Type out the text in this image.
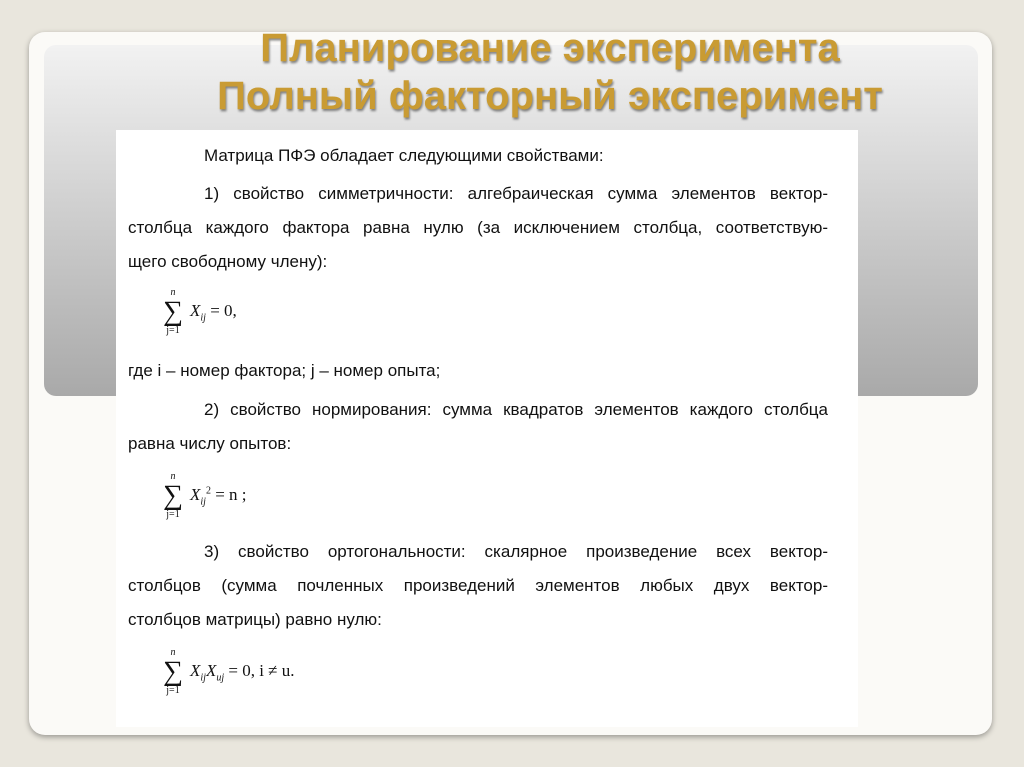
Планирование эксперимента
Полный факторный эксперимент
Матрица ПФЭ обладает следующими свойствами:
1) свойство симметричности: алгебраическая сумма элементов вектор-
столбца каждого фактора равна нулю (за исключением столбца, соответствую-
щего свободному члену):
n
∑
j=1
$X_{ij} = 0$,
где i – номер фактора; j – номер опыта;
2) свойство нормирования: сумма квадратов элементов каждого столбца
равна числу опытов:
n
∑
j=1
$X_{ij}^2 = n$ ;
3) свойство ортогональности: скалярное произведение всех вектор-
столбцов (сумма почленных произведений элементов любых двух вектор-
столбцов матрицы) равно нулю:
n
∑
j=1
$X_{ij}X_{uj} = 0$, i ≠ u.
